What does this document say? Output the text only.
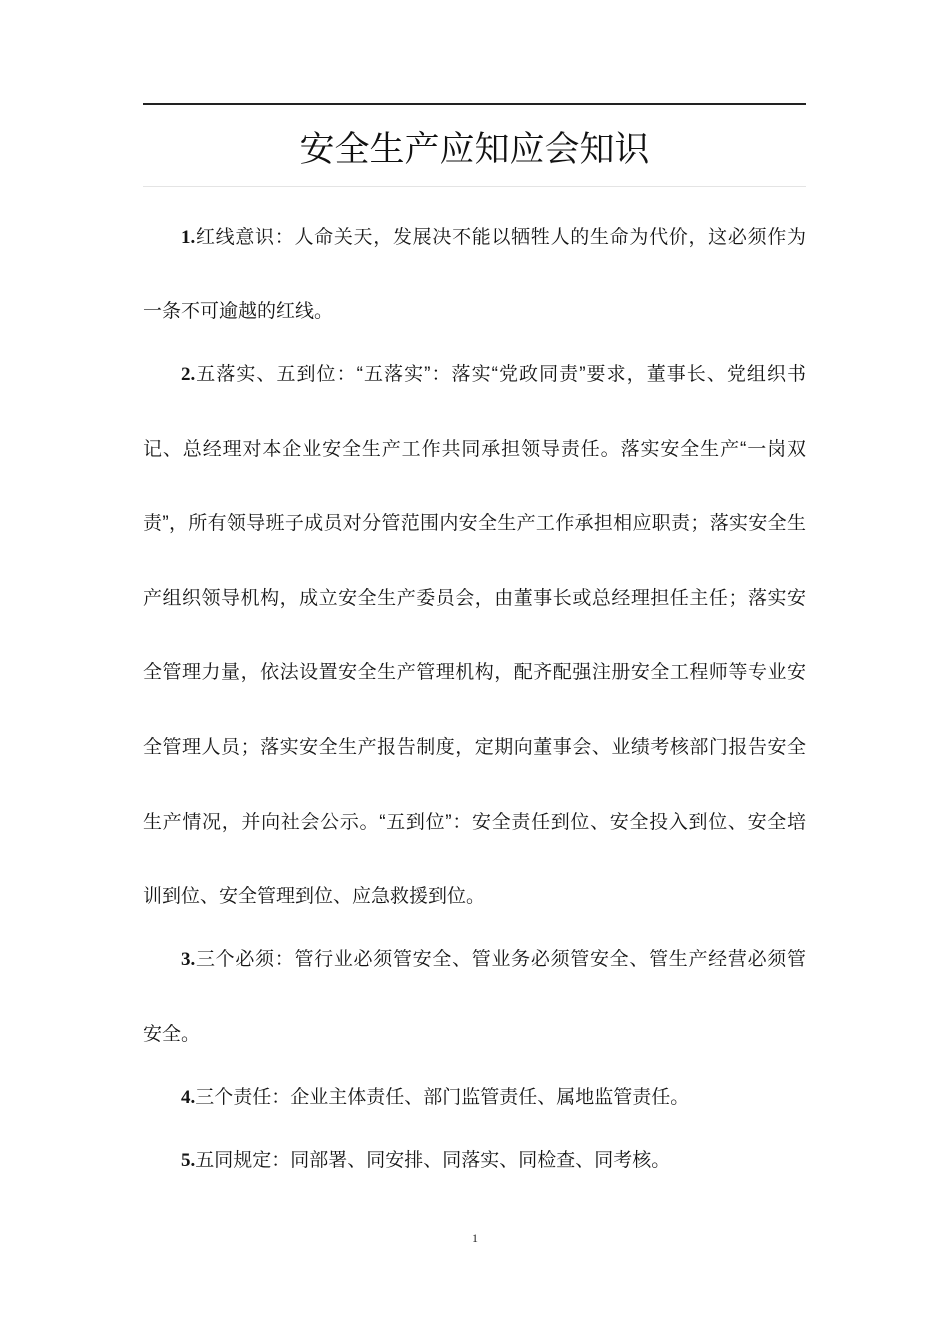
安全生产应知应会知识
1.红线意识：人命关天，发展决不能以牺牲人的生命为代价，这必须作为
一条不可逾越的红线。
2.五落实、五到位：“五落实”：落实“党政同责”要求，董事长、党组织书
记、总经理对本企业安全生产工作共同承担领导责任。落实安全生产“一岗双
责”，所有领导班子成员对分管范围内安全生产工作承担相应职责；落实安全生
产组织领导机构，成立安全生产委员会，由董事长或总经理担任主任；落实安
全管理力量，依法设置安全生产管理机构，配齐配强注册安全工程师等专业安
全管理人员；落实安全生产报告制度，定期向董事会、业绩考核部门报告安全
生产情况，并向社会公示。“五到位”：安全责任到位、安全投入到位、安全培
训到位、安全管理到位、应急救援到位。
3.三个必须：管行业必须管安全、管业务必须管安全、管生产经营必须管
安全。
4.三个责任：企业主体责任、部门监管责任、属地监管责任。
5.五同规定：同部署、同安排、同落实、同检查、同考核。
1
